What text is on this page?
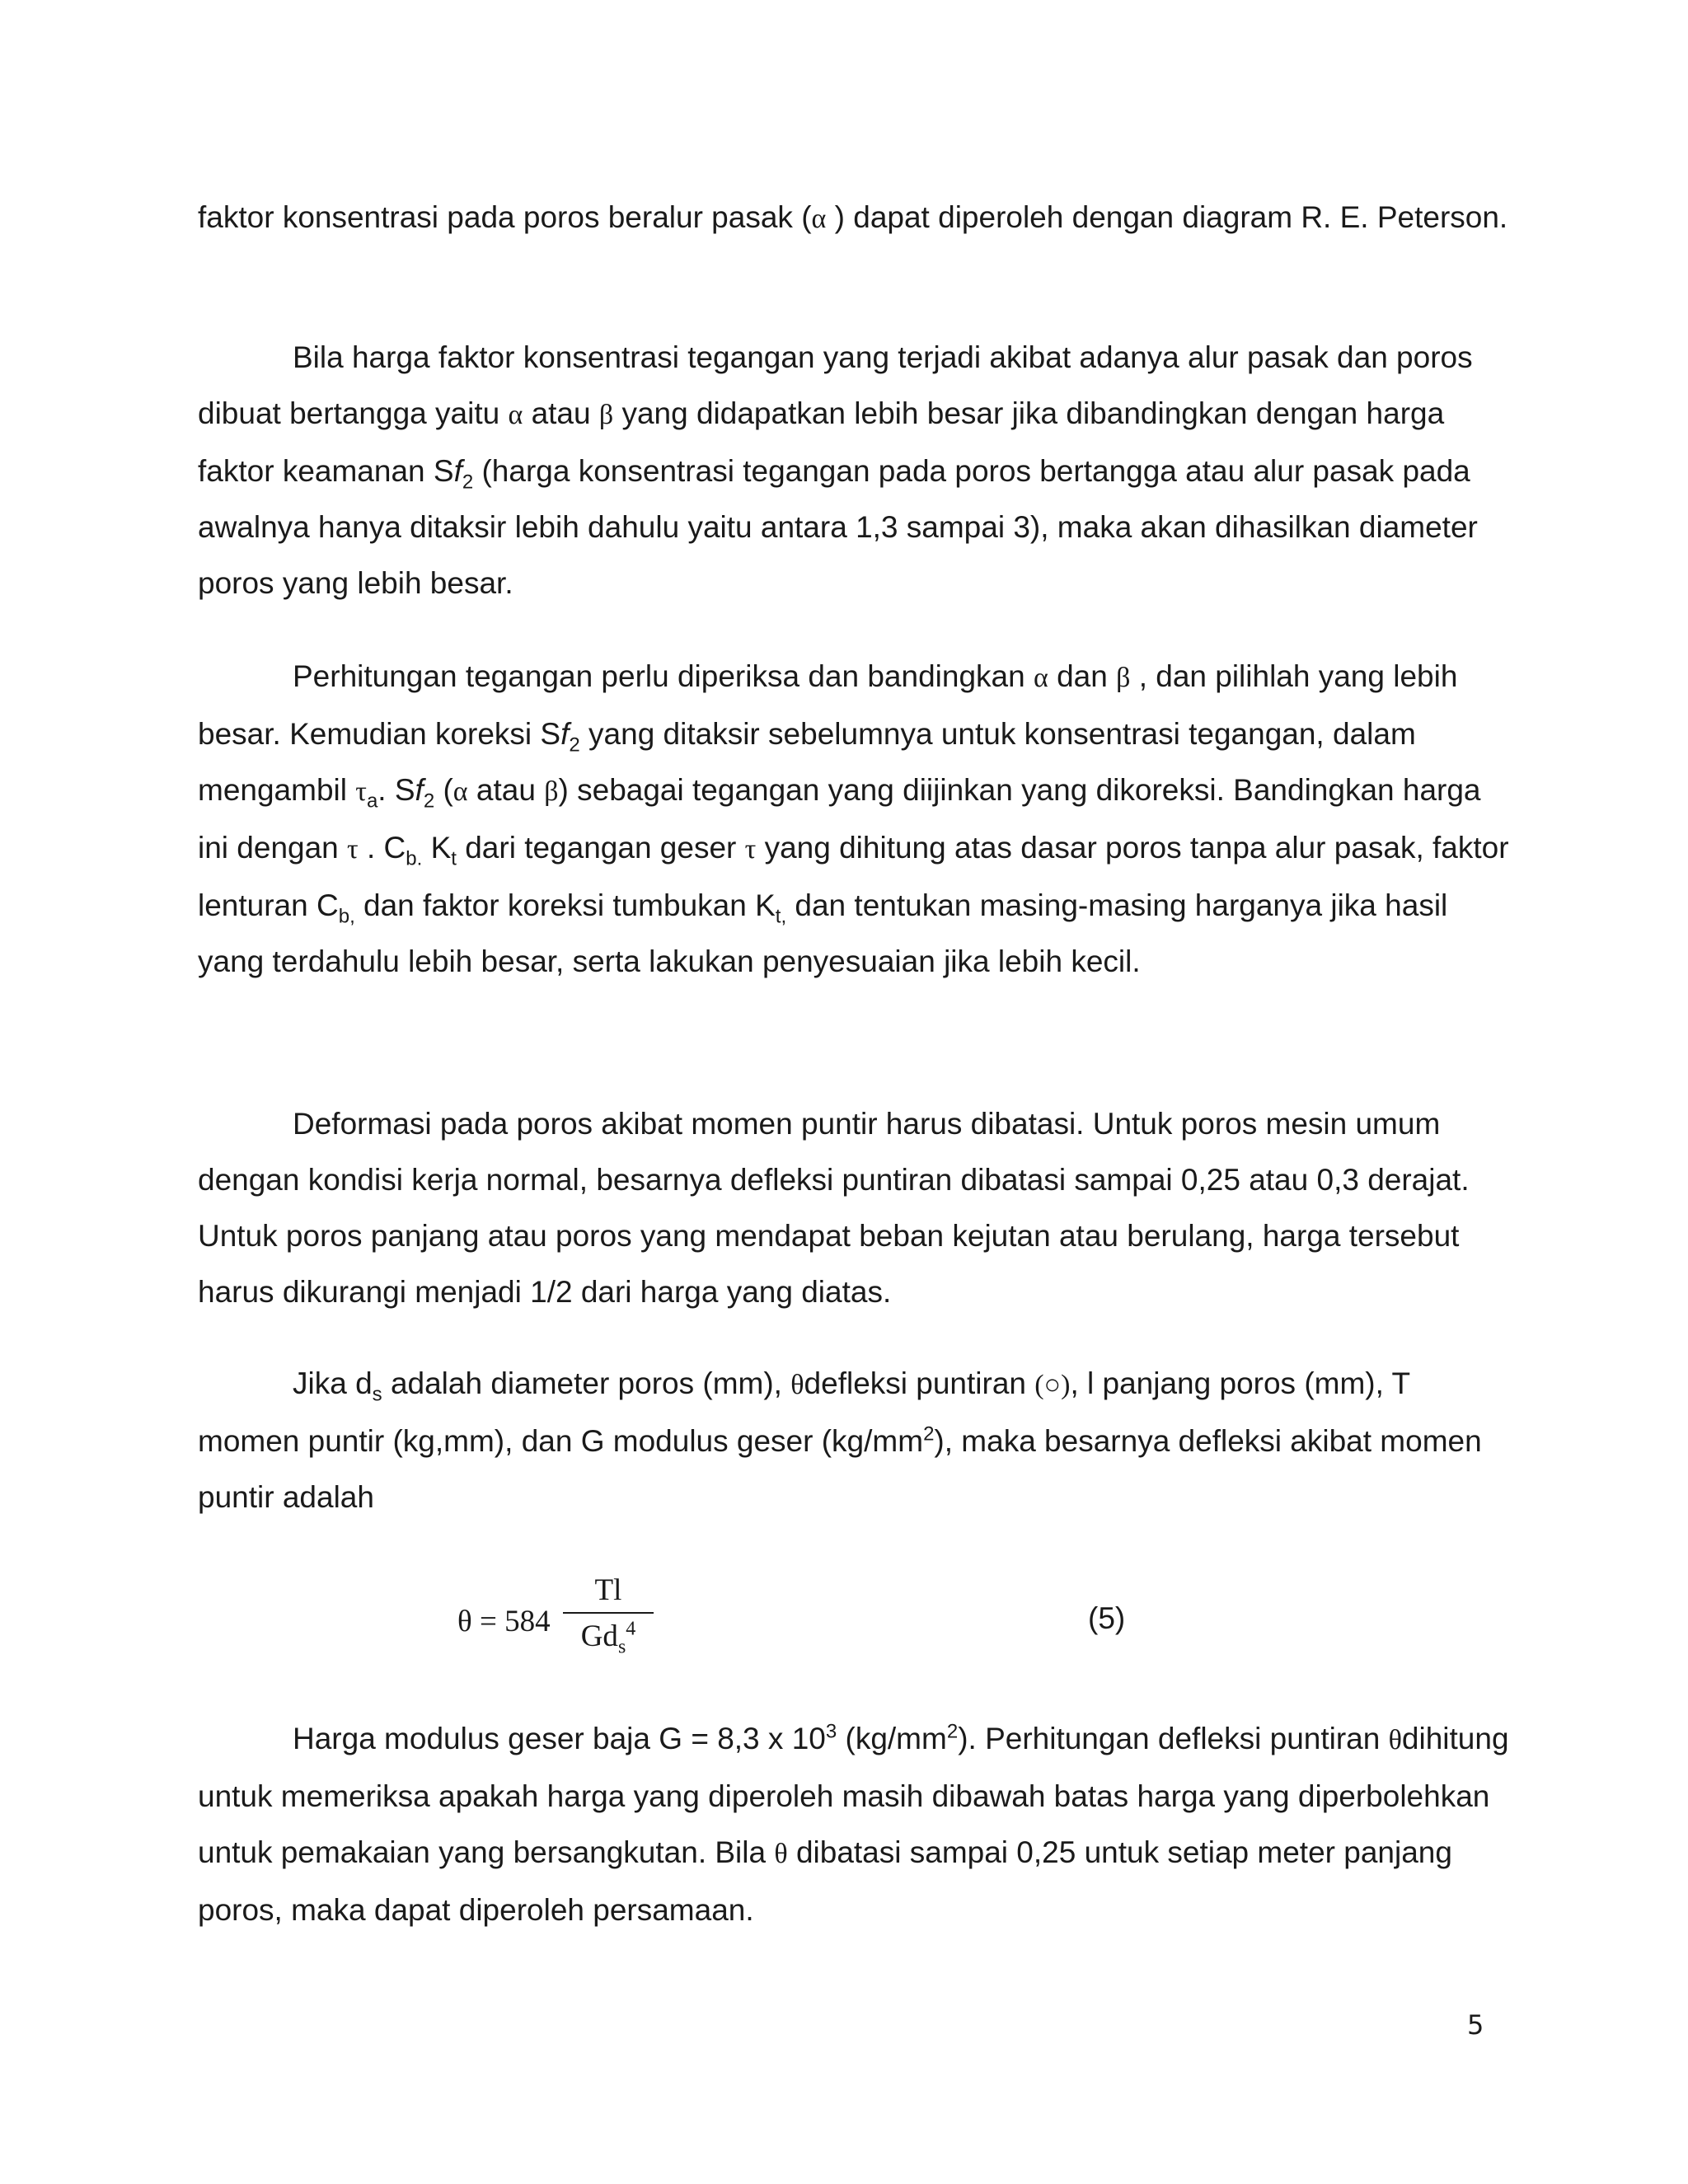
faktor konsentrasi pada poros beralur pasak (α ) dapat diperoleh dengan diagram R. E. Peterson.

Bila harga faktor konsentrasi tegangan yang terjadi akibat adanya alur pasak dan poros dibuat bertangga yaitu α atau β yang didapatkan lebih besar jika dibandingkan dengan harga faktor keamanan $Sf_2$ (harga konsentrasi tegangan pada poros bertangga atau alur pasak pada awalnya hanya ditaksir lebih dahulu yaitu antara 1,3 sampai 3), maka akan dihasilkan diameter poros yang lebih besar.

Perhitungan tegangan perlu diperiksa dan bandingkan α dan β , dan pilihlah yang lebih besar. Kemudian koreksi $Sf_2$ yang ditaksir sebelumnya untuk konsentrasi tegangan, dalam mengambil $\tau_a$. $Sf_2$ (α atau β) sebagai tegangan yang diijinkan yang dikoreksi. Bandingkan harga ini dengan τ . $C_{b.}$ $K_t$ dari tegangan geser τ yang dihitung atas dasar poros tanpa alur pasak, faktor lenturan $C_{b,}$ dan faktor koreksi tumbukan $K_{t,}$ dan tentukan masing-masing harganya jika hasil yang terdahulu lebih besar, serta lakukan penyesuaian jika lebih kecil.

Deformasi pada poros akibat momen puntir harus dibatasi. Untuk poros mesin umum dengan kondisi kerja normal, besarnya defleksi puntiran dibatasi sampai 0,25 atau 0,3 derajat. Untuk poros panjang atau poros yang mendapat beban kejutan atau berulang, harga tersebut harus dikurangi menjadi 1/2 dari harga yang diatas.

Jika $d_s$ adalah diameter poros (mm), θdefleksi puntiran (○), l panjang poros (mm), T momen puntir (kg,mm), dan G modulus geser $(kg/mm^2)$, maka besarnya defleksi akibat momen puntir adalah

θ = 584
Tl
$Gd_s^4$	(5)

Harga modulus geser baja G = 8,3 x $10^3$ $(kg/mm^2)$. Perhitungan defleksi puntiran θdihitung untuk memeriksa apakah harga yang diperoleh masih dibawah batas harga yang diperbolehkan untuk pemakaian yang bersangkutan. Bila θ dibatasi sampai 0,25 untuk setiap meter panjang poros, maka dapat diperoleh persamaan.

5
